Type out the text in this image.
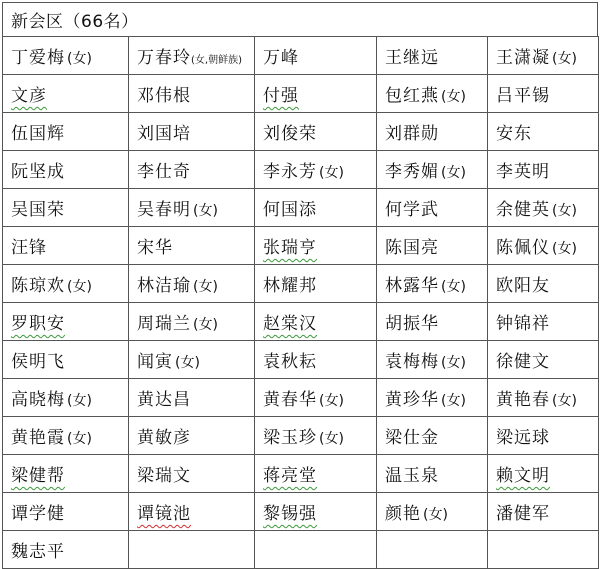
新会区（66名）
丁爱梅 (女)	万春玲(女,朝鲜族)	万峰	王继远	王潇凝 (女)
文彦	邓伟根	付强	包红燕 (女)	吕平锡
伍国辉	刘国培	刘俊荣	刘群勋	安东
阮坚成	李仕奇	李永芳 (女)	李秀媚 (女)	李英明
吴国荣	吴春明 (女)	何国添	何学武	余健英 (女)
汪锋	宋华	张瑞亨	陈国亮	陈佩仪 (女)
陈琼欢 (女)	林洁瑜 (女)	林耀邦	林露华 (女)	欧阳友
罗职安	周瑞兰 (女)	赵棠汉	胡振华	钟锦祥
侯明飞	闻寅 (女)	袁秋耘	袁梅梅 (女)	徐健文
高晓梅 (女)	黄达昌	黄春华 (女)	黄珍华 (女)	黄艳春 (女)
黄艳霞 (女)	黄敏彦	梁玉珍 (女)	梁仕金	梁远球
梁健帮	梁瑞文	蒋亮堂	温玉泉	赖文明
谭学健	谭镜池	黎锡强	颜艳 (女)	潘健军
魏志平				
